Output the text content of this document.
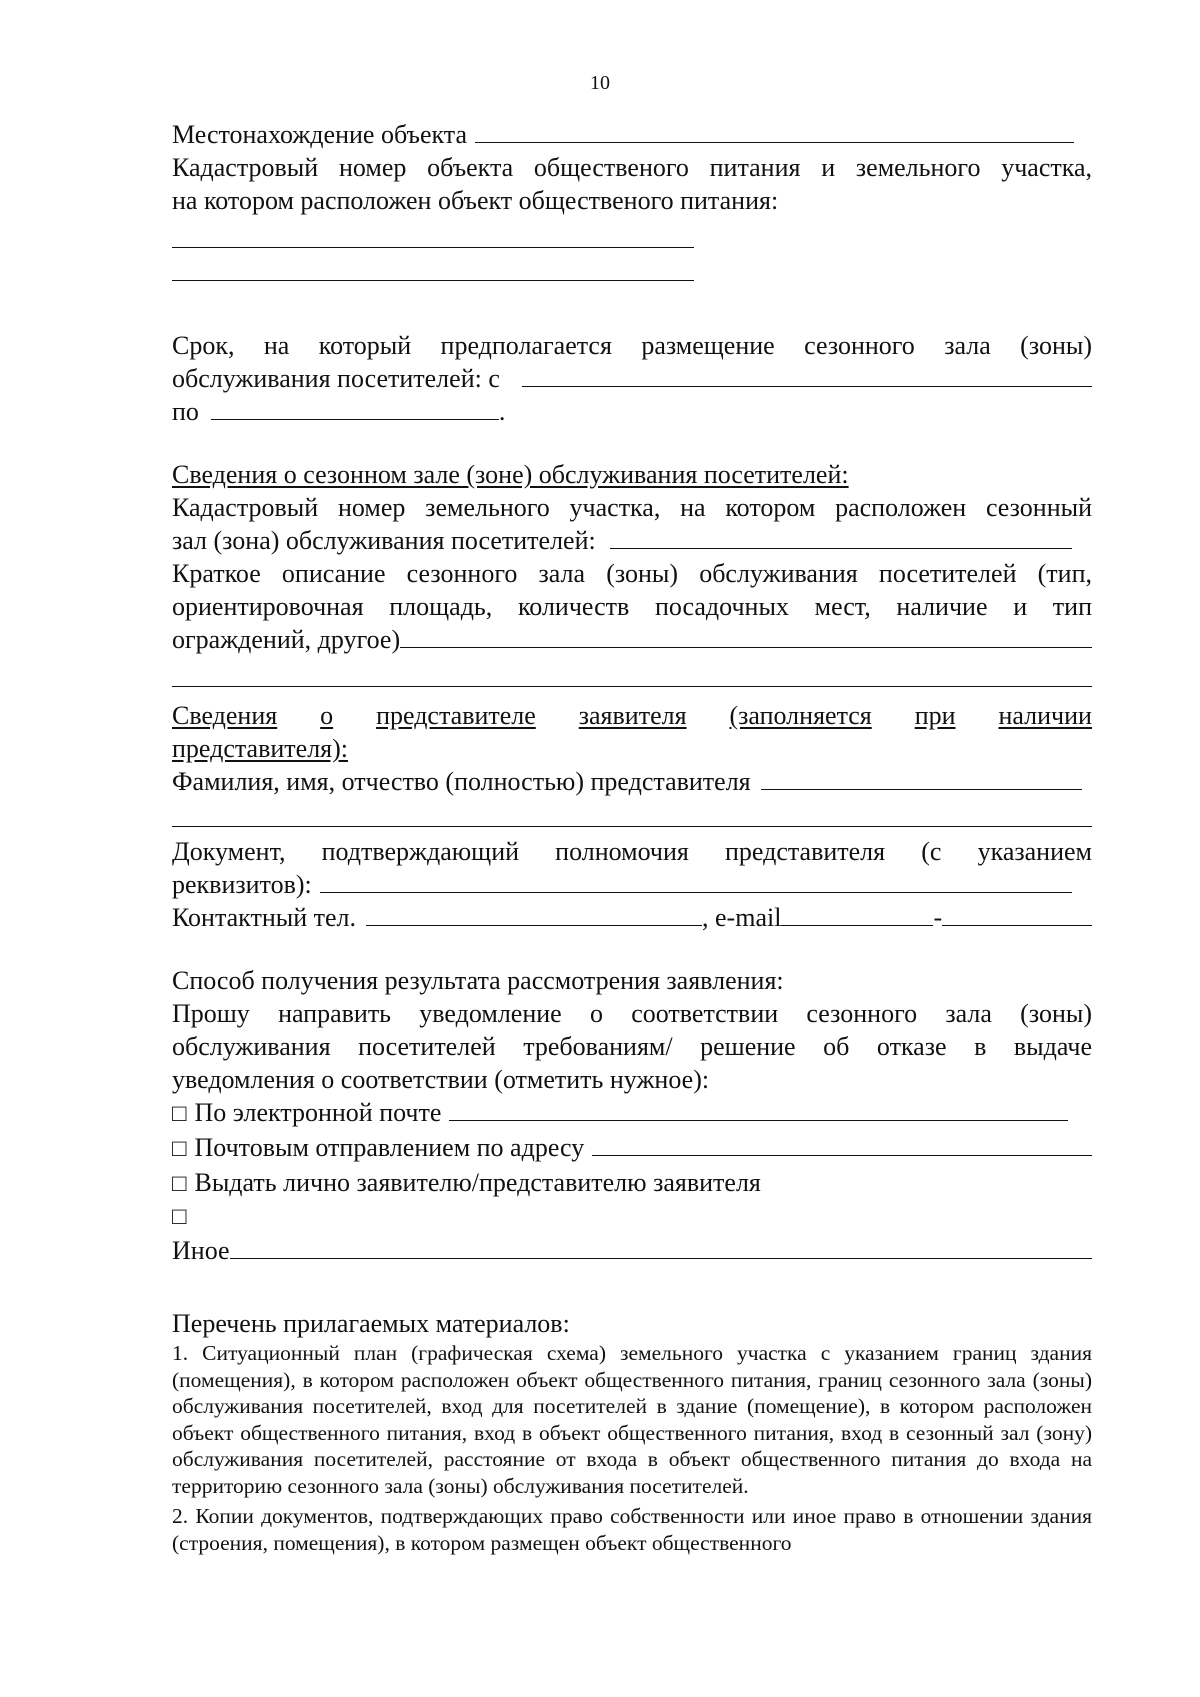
10
Местонахождение объекта
Кадастровый номер объекта общественого питания и земельного участка,
на котором расположен объект общественого питания:
Срок, на который предполагается размещение сезонного зала (зоны)
обслуживания посетителей: с
по	.
Сведения о сезонном зале (зоне) обслуживания посетителей:
Кадастровый номер земельного участка, на котором расположен сезонный
зал (зона) обслуживания посетителей:
Краткое описание сезонного зала (зоны) обслуживания посетителей (тип,
ориентировочная площадь, количеств посадочных мест, наличие и тип
ограждений, другое)
Сведения о представителе заявителя (заполняется при наличии
представителя):
Фамилия, имя, отчество (полностью) представителя
Документ, подтверждающий полномочия представителя (с указанием
реквизитов):
Контактный тел.	, e-mail	-
Способ получения результата рассмотрения заявления:
Прошу направить уведомление о соответствии сезонного зала (зоны)
обслуживания посетителей требованиям/ решение об отказе в выдаче
уведомления о соответствии (отметить нужное):
□ По электронной почте
□ Почтовым отправлением по адресу
□ Выдать лично заявителю/представителю заявителя
□
Иное
Перечень прилагаемых материалов:

1. Ситуационный план (графическая схема) земельного участка с указанием границ здания (помещения), в котором расположен объект общественного питания, границ сезонного зала (зоны) обслуживания посетителей, вход для посетителей в здание (помещение), в котором расположен объект общественного питания, вход в объект общественного питания, вход в сезонный зал (зону) обслуживания посетителей, расстояние от входа в объект общественного питания до входа на территорию сезонного зала (зоны) обслуживания посетителей.

2. Копии документов, подтверждающих право собственности или иное право в отношении здания (строения, помещения), в котором размещен объект общественного
